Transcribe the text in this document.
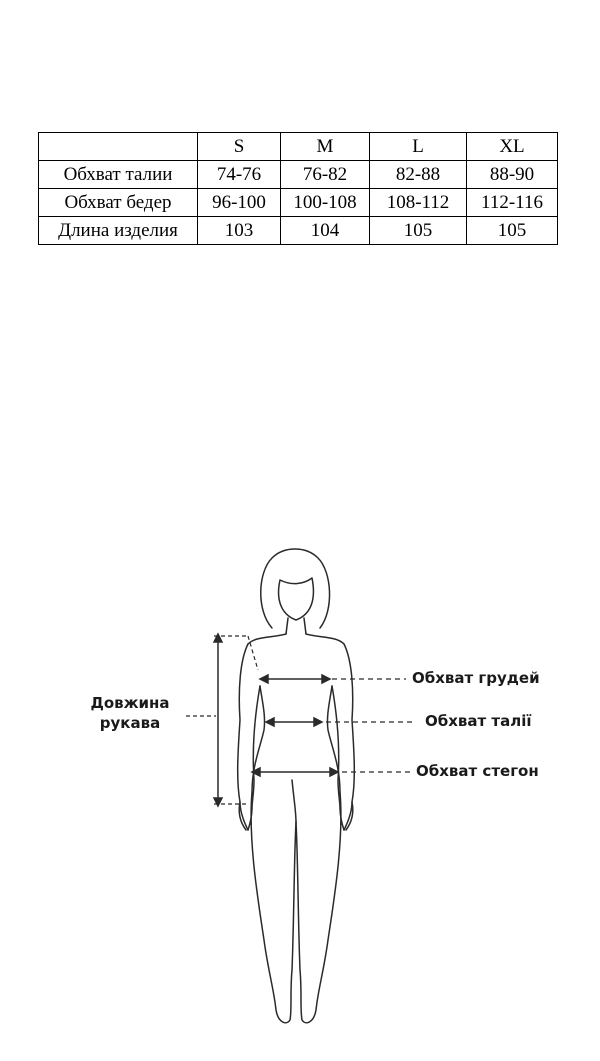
	S	M	L	XL
Обхват талии	74-76	76-82	82-88	88-90
Обхват бедер	96-100	100-108	108-112	112-116
Длина изделия	103	104	105	105
Довжина
рукава
Обхват грудей
Обхват талії
Обхват стегон
